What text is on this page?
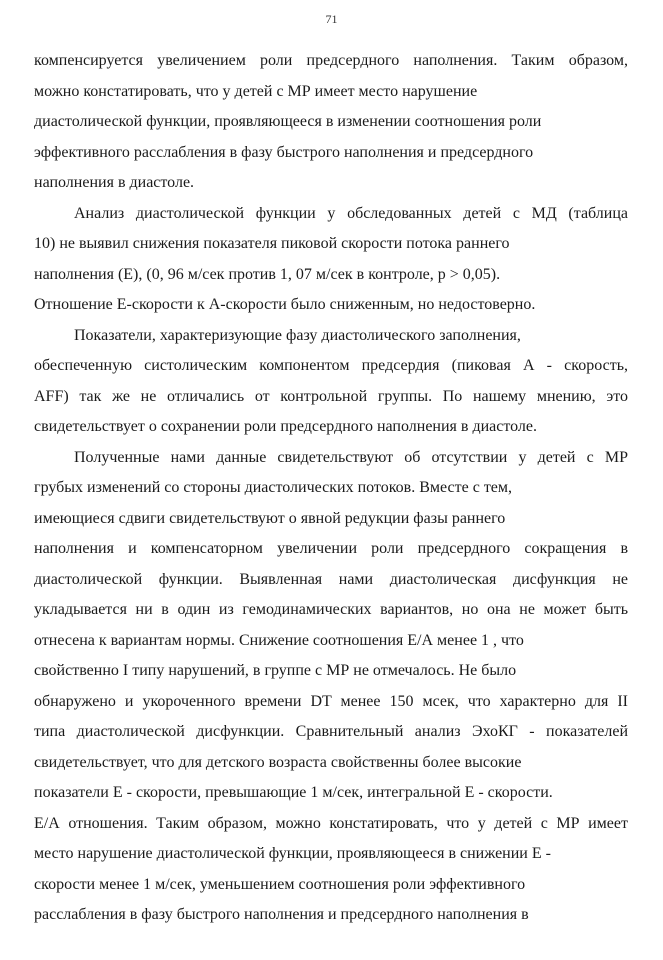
71
компенсируется увеличением роли предсердного наполнения. Таким образом,
можно констатировать, что у детей с МР имеет место нарушение
диастолической функции, проявляющееся в изменении соотношения роли
эффективного расслабления в фазу быстрого наполнения и предсердного
наполнения в диастоле.
Анализ диастолической функции у обследованных детей с МД (таблица
10) не выявил снижения показателя пиковой скорости потока раннего
наполнения (Е), (0, 96 м/сек против 1, 07 м/сек в контроле, р > 0,05).
Отношение Е-скорости к А-скорости было сниженным, но недостоверно.
Показатели, характеризующие фазу диастолического заполнения,
обеспеченную систолическим компонентом предсердия (пиковая А - скорость,
AFF) так же не отличались от контрольной группы. По нашему мнению, это
свидетельствует о сохранении роли предсердного наполнения в диастоле.
Полученные нами данные свидетельствуют об отсутствии у детей с МР
грубых изменений со стороны диастолических потоков. Вместе с тем,
имеющиеся сдвиги свидетельствуют о явной редукции фазы раннего
наполнения и компенсаторном увеличении роли предсердного сокращения в
диастолической функции. Выявленная нами диастолическая дисфункция не
укладывается ни в один из гемодинамических вариантов, но она не может быть
отнесена к вариантам нормы. Снижение соотношения Е/А менее 1 , что
свойственно I типу нарушений, в группе с МР не отмечалось. Не было
обнаружено и укороченного времени DT менее 150 мсек, что характерно для II
типа диастолической дисфункции. Сравнительный анализ ЭхоКГ - показателей
свидетельствует, что для детского возраста свойственны более высокие
показатели Е - скорости, превышающие 1 м/сек, интегральной Е - скорости.
Е/А отношения. Таким образом, можно констатировать, что у детей с МР имеет
место нарушение диастолической функции, проявляющееся в снижении Е -
скорости менее 1 м/сек, уменьшением соотношения роли эффективного
расслабления в фазу быстрого наполнения и предсердного наполнения в
